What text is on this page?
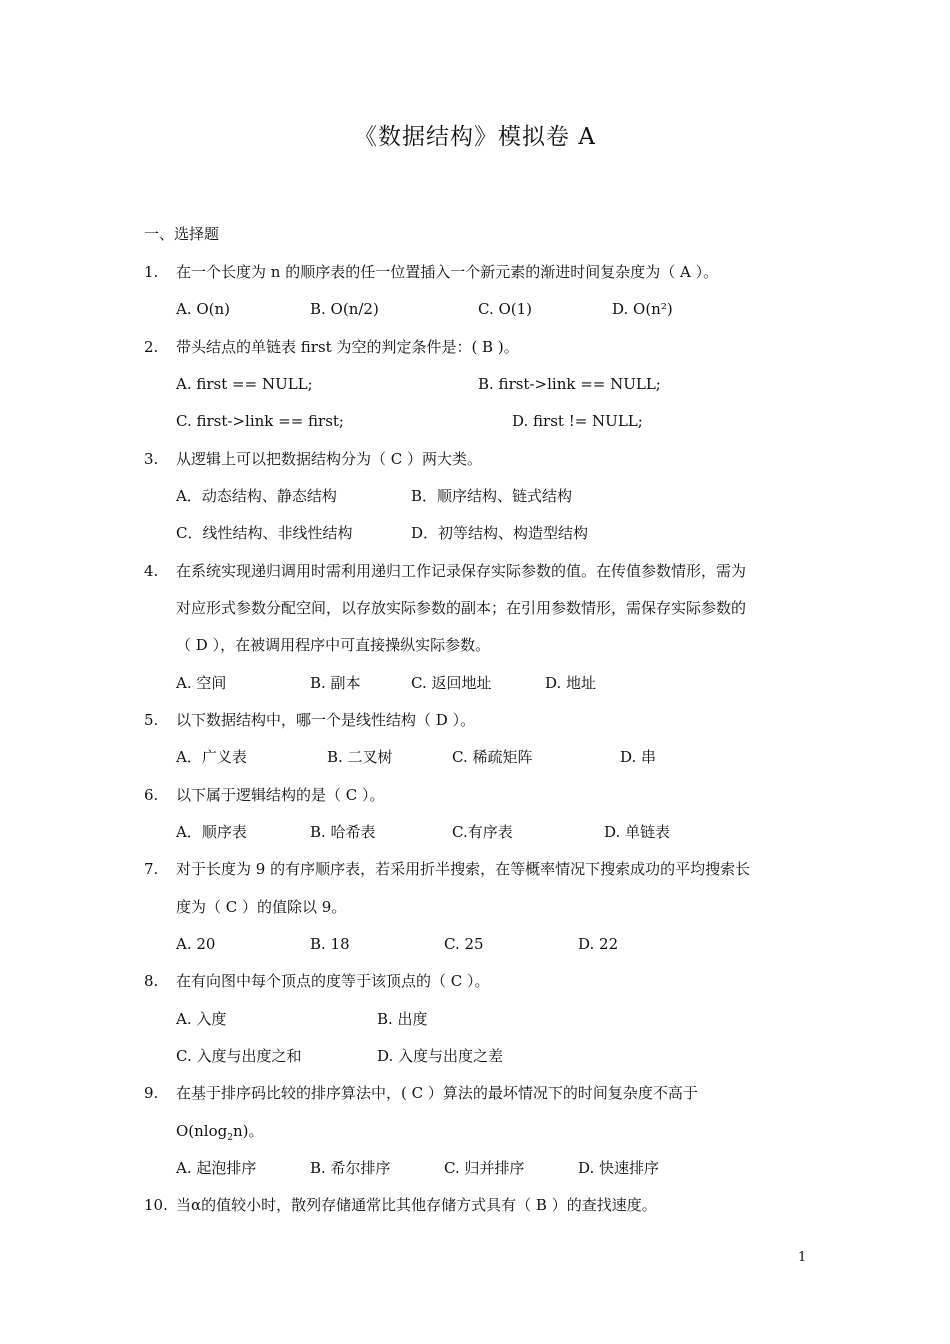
《数据结构》模拟卷 A
一、选择题
1. 在一个长度为 n 的顺序表的任一位置插入一个新元素的渐进时间复杂度为（ A ）。
A. O(n)	B. O(n/2)	C. O(1)	D. O(n²)
2. 带头结点的单链表 first 为空的判定条件是：( B )。
A. first == NULL;	B. first->link == NULL;
C. first->link == first;	D. first != NULL;
3. 从逻辑上可以把数据结构分为（ C ）两大类。
A．动态结构、静态结构	B．顺序结构、链式结构
C．线性结构、非线性结构	D．初等结构、构造型结构
4. 在系统实现递归调用时需利用递归工作记录保存实际参数的值。在传值参数情形，需为
对应形式参数分配空间，以存放实际参数的副本；在引用参数情形，需保存实际参数的
（ D ），在被调用程序中可直接操纵实际参数。
A. 空间	B. 副本	C. 返回地址	D. 地址
5. 以下数据结构中，哪一个是线性结构（ D ）。
A．广义表	B. 二叉树	C. 稀疏矩阵	D. 串
6. 以下属于逻辑结构的是（ C ）。
A．顺序表	B. 哈希表	C.有序表	D. 单链表
7. 对于长度为 9 的有序顺序表，若采用折半搜索，在等概率情况下搜索成功的平均搜索长
度为（ C ）的值除以 9。
A. 20	B. 18	C. 25	D. 22
8. 在有向图中每个顶点的度等于该顶点的（ C ）。
A. 入度	B. 出度
C. 入度与出度之和	D. 入度与出度之差
9. 在基于排序码比较的排序算法中，( C ）算法的最坏情况下的时间复杂度不高于
O(nlog$_2$n)。
A. 起泡排序	B. 希尔排序	C. 归并排序	D. 快速排序
10. 当α的值较小时，散列存储通常比其他存储方式具有（ B ）的查找速度。
1
